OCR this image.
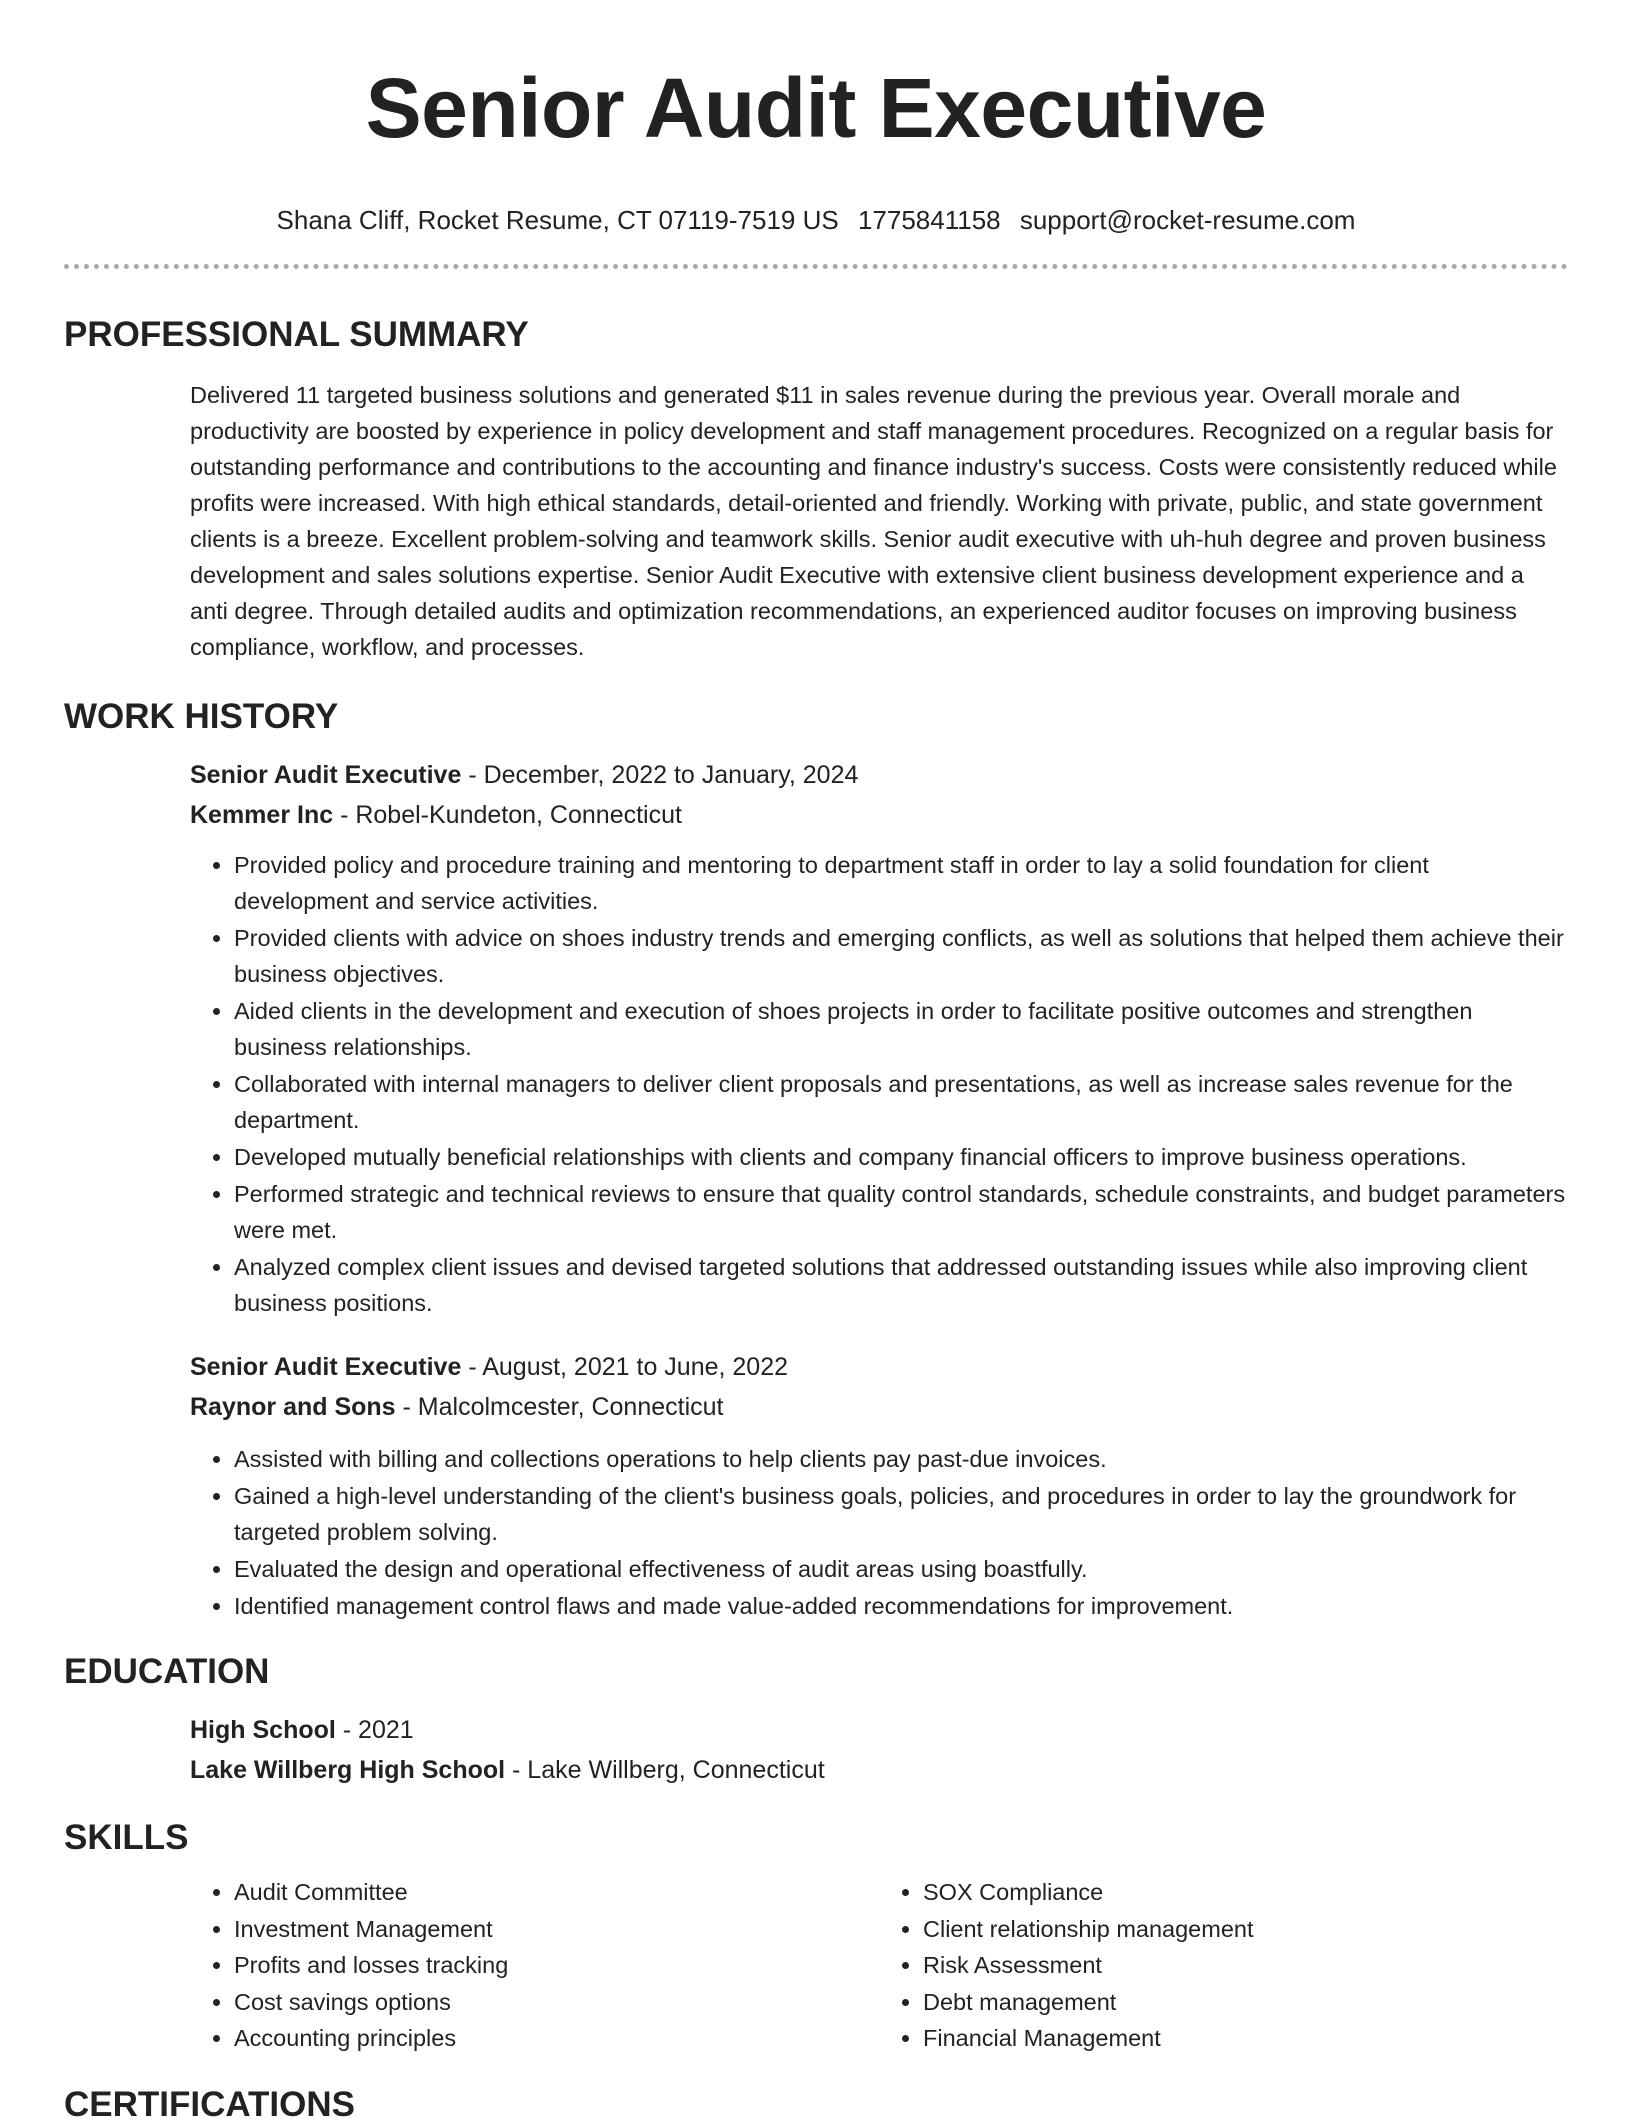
Senior Audit Executive
Shana Cliff, Rocket Resume, CT 07119-7519 US 1775841158 support@rocket-resume.com
PROFESSIONAL SUMMARY

Delivered 11 targeted business solutions and generated $11 in sales revenue during the previous year. Overall morale and productivity are boosted by experience in policy development and staff management procedures. Recognized on a regular basis for outstanding performance and contributions to the accounting and finance industry's success. Costs were consistently reduced while profits were increased. With high ethical standards, detail-oriented and friendly. Working with private, public, and state government clients is a breeze. Excellent problem-solving and teamwork skills. Senior audit executive with uh-huh degree and proven business development and sales solutions expertise. Senior Audit Executive with extensive client business development experience and a anti degree. Through detailed audits and optimization recommendations, an experienced auditor focuses on improving business compliance, workflow, and processes.

WORK HISTORY
Senior Audit Executive - December, 2022 to January, 2024
Kemmer Inc - Robel-Kundeton, Connecticut
• Provided policy and procedure training and mentoring to department staff in order to lay a solid foundation for client development and service activities.
• Provided clients with advice on shoes industry trends and emerging conflicts, as well as solutions that helped them achieve their business objectives.
• Aided clients in the development and execution of shoes projects in order to facilitate positive outcomes and strengthen business relationships.
• Collaborated with internal managers to deliver client proposals and presentations, as well as increase sales revenue for the department.
• Developed mutually beneficial relationships with clients and company financial officers to improve business operations.
• Performed strategic and technical reviews to ensure that quality control standards, schedule constraints, and budget parameters were met.
• Analyzed complex client issues and devised targeted solutions that addressed outstanding issues while also improving client business positions.
Senior Audit Executive - August, 2021 to June, 2022
Raynor and Sons - Malcolmcester, Connecticut
• Assisted with billing and collections operations to help clients pay past-due invoices.
• Gained a high-level understanding of the client's business goals, policies, and procedures in order to lay the groundwork for targeted problem solving.
• Evaluated the design and operational effectiveness of audit areas using boastfully.
• Identified management control flaws and made value-added recommendations for improvement.
EDUCATION
High School - 2021
Lake Willberg High School - Lake Willberg, Connecticut
SKILLS
• Audit Committee
• Investment Management
• Profits and losses tracking
• Cost savings options
• Accounting principles
• SOX Compliance
• Client relationship management
• Risk Assessment
• Debt management
• Financial Management
CERTIFICATIONS
